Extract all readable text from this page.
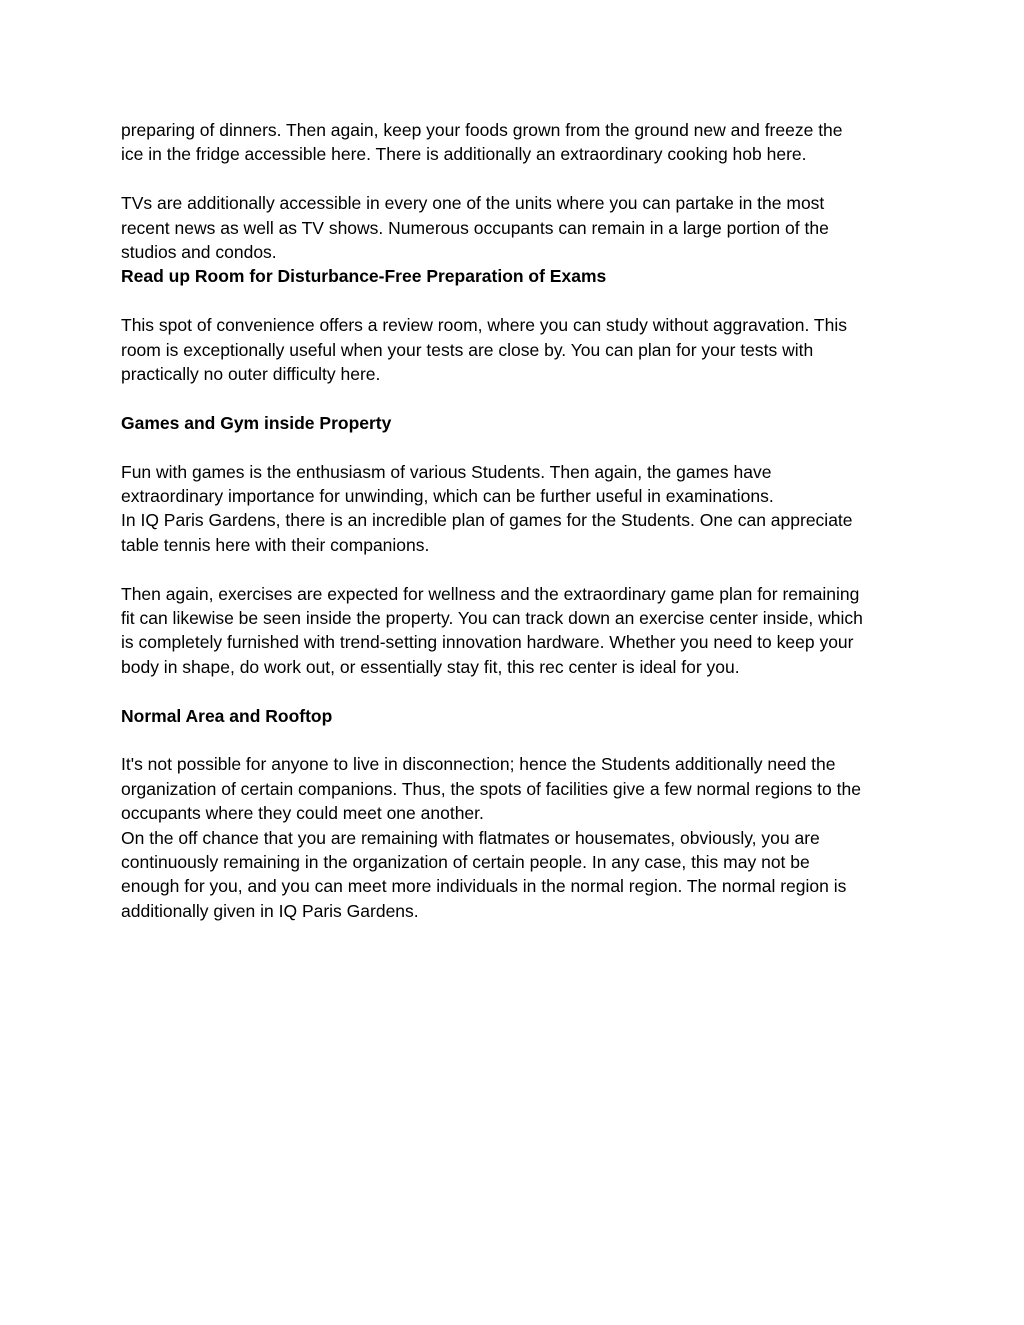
preparing of dinners. Then again, keep your foods grown from the ground new and freeze the
ice in the fridge accessible here. There is additionally an extraordinary cooking hob here.
TVs are additionally accessible in every one of the units where you can partake in the most
recent news as well as TV shows. Numerous occupants can remain in a large portion of the
studios and condos.
Read up Room for Disturbance-Free Preparation of Exams
This spot of convenience offers a review room, where you can study without aggravation. This
room is exceptionally useful when your tests are close by. You can plan for your tests with
practically no outer difficulty here.
Games and Gym inside Property
Fun with games is the enthusiasm of various Students. Then again, the games have
extraordinary importance for unwinding, which can be further useful in examinations.
In IQ Paris Gardens, there is an incredible plan of games for the Students. One can appreciate
table tennis here with their companions.
Then again, exercises are expected for wellness and the extraordinary game plan for remaining
fit can likewise be seen inside the property. You can track down an exercise center inside, which
is completely furnished with trend-setting innovation hardware. Whether you need to keep your
body in shape, do work out, or essentially stay fit, this rec center is ideal for you.
Normal Area and Rooftop
It's not possible for anyone to live in disconnection; hence the Students additionally need the
organization of certain companions. Thus, the spots of facilities give a few normal regions to the
occupants where they could meet one another.
On the off chance that you are remaining with flatmates or housemates, obviously, you are
continuously remaining in the organization of certain people. In any case, this may not be
enough for you, and you can meet more individuals in the normal region. The normal region is
additionally given in IQ Paris Gardens.
